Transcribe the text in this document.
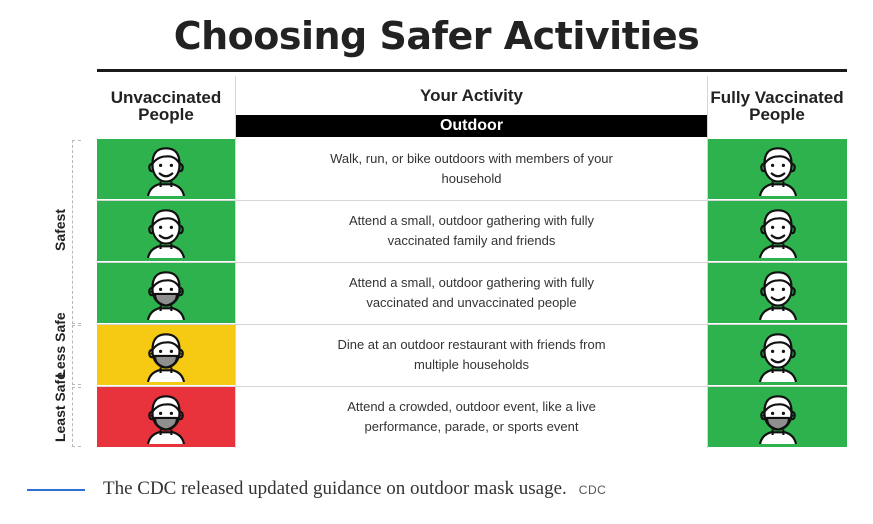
Choosing Safer Activities
Unvaccinated People
Your Activity
Outdoor
Fully Vaccinated People
Walk, run, or bike outdoors with members of your household
Attend a small, outdoor gathering with fully vaccinated family and friends
Attend a small, outdoor gathering with fully vaccinated and unvaccinated people
Dine at an outdoor restaurant with friends from multiple households
Attend a crowded, outdoor event, like a live performance, parade, or sports event
Safest
Less Safe
Least Safe
The CDC released updated guidance on outdoor mask usage. CDC
